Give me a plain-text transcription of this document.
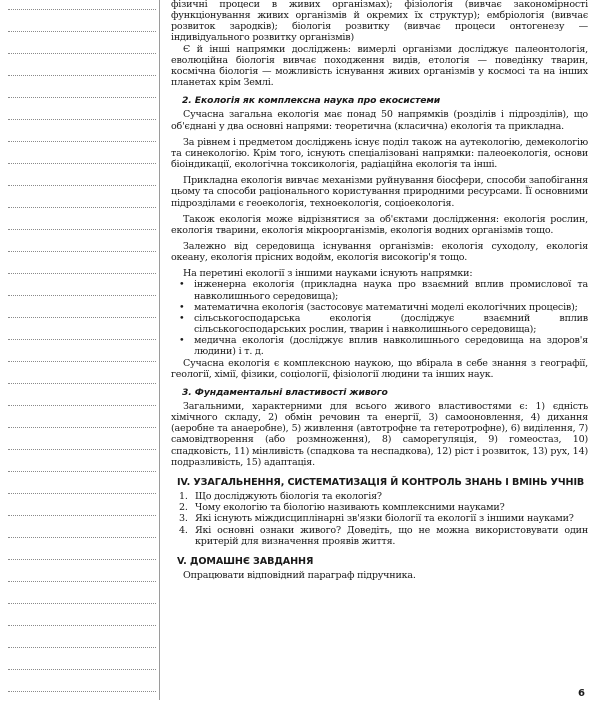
фізичні процеси в живих організмах); фізіологія (вивчає закономірності функціонування живих організмів й окремих їх структур); ембріологія (вивчає розвиток зародків); біологія розвитку (вивчає процеси онтогенезу — індивідуального розвитку організмів)

Є й інші напрямки досліджень: вимерлі організми досліджує палеонтологія, еволюційна біологія вивчає походження видів, етологія — поведінку тварин, космічна біологія — можливість існування живих організмів у космосі та на інших планетах крім Землі.

2. Екологія як комплексна наука про екосистеми

Сучасна загальна екологія має понад 50 напрямків (розділів і підрозділів), що об'єднані у два основні напрями: теоретична (класична) екологія та прикладна.

За рівнем і предметом досліджень існує поділ також на аутекологію, демекологію та синекологію. Крім того, існують спеціалізовані напрямки: палеоекологія, основи біоіндикації, екологічна токсикологія, радіаційна екологія та інші.

Прикладна екологія вивчає механізми руйнування біосфери, способи запобігання цьому та способи раціонального користування природними ресурсами. Її основними підрозділами є геоекологія, техноекологія, соціоекологія.

Також екологія може відрізнятися за об'єктами дослідження: екологія рослин, екологія тварини, екологія мікроорганізмів, екологія водних організмів тощо.

Залежно від середовища існування організмів: екологія суходолу, екологія океану, екологія прісних водойм, екологія високогір'я тощо.

На перетині екології з іншими науками існують напрямки:

• інженерна екологія (прикладна наука про взаємний вплив промислової та навколишнього середовища);
• математична екологія (застосовує математичні моделі екологічних процесів);
• сільськогосподарська екологія (досліджує взаємний вплив сільськогосподарських рослин, тварин і навколишнього середовища);
• медична екологія (досліджує вплив навколишнього середовища на здоров'я людини) і т. д.

Сучасна екологія є комплексною наукою, що вбірала в себе знання з географії, геології, хімії, фізики, соціології, фізіології людини та інших наук.

3. Фундаментальні властивості живого

Загальними, характерними для всього живого властивостями є: 1) єдність хімічного складу, 2) обмін речовин та енергії, 3) самооновлення, 4) дихання (аеробне та анаеробне), 5) живлення (автотрофне та гетеротрофне), 6) виділення, 7) самовідтворення (або розмноження), 8) саморегуляція, 9) гомеостаз, 10) спадковість, 11) мінливість (спадкова та неспадкова), 12) ріст і розвиток, 13) рух, 14) подразливість, 15) адаптація.

IV. УЗАГАЛЬНЕННЯ, СИСТЕМАТИЗАЦІЯ Й КОНТРОЛЬ ЗНАНЬ І ВМІНЬ УЧНІВ

1. Що досліджують біологія та екологія?
2. Чому екологію та біологію називають комплексними науками?
3. Які існують міждисциплінарні зв'язки біології та екології з іншими науками?
4. Які основні ознаки живого? Доведіть, що не можна використовувати один критерій для визначення проявів життя.

V. ДОМАШНЄ ЗАВДАННЯ

Опрацювати відповідний параграф підручника.

6
